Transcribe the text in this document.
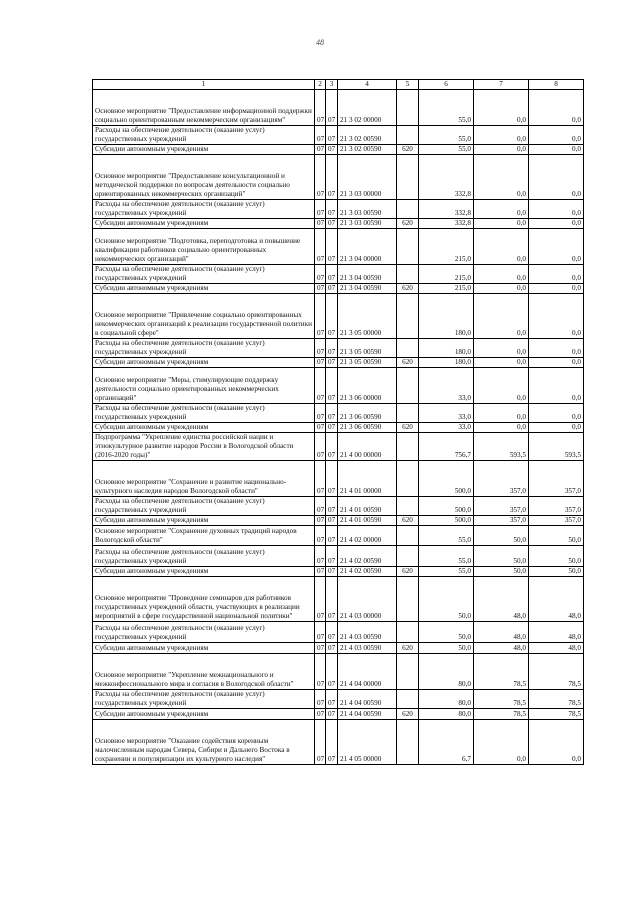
48
1	2	3	4	5	6	7	8
Основное мероприятие "Предоставление информационной поддержки социально ориентированным некоммерческим организациям"	07	07	21 3 02 00000		55,0	0,0	0,0
Расходы на обеспечение деятельности (оказание услуг) государственных учреждений	07	07	21 3 02 00590		55,0	0,0	0,0
Субсидии автономным учреждениям	07	07	21 3 02 00590	620	55,0	0,0	0,0
Основное мероприятие "Предоставление консультационной и методической поддержки по вопросам деятельности социально ориентированных некоммерческих организаций"	07	07	21 3 03 00000		332,8	0,0	0,0
Расходы на обеспечение деятельности (оказание услуг) государственных учреждений	07	07	21 3 03 00590		332,8	0,0	0,0
Субсидии автономным учреждениям	07	07	21 3 03 00590	620	332,8	0,0	0,0
Основное мероприятие "Подготовка, переподготовка и повышение квалификации работников социально ориентированных некоммерческих организаций"	07	07	21 3 04 00000		215,0	0,0	0,0
Расходы на обеспечение деятельности (оказание услуг) государственных учреждений	07	07	21 3 04 00590		215,0	0,0	0,0
Субсидии автономным учреждениям	07	07	21 3 04 00590	620	215,0	0,0	0,0
Основное мероприятие "Привлечение социально ориентированных некоммерческих организаций к реализации государственной политики в социальной сфере"	07	07	21 3 05 00000		180,0	0,0	0,0
Расходы на обеспечение деятельности (оказание услуг) государственных учреждений	07	07	21 3 05 00590		180,0	0,0	0,0
Субсидии автономным учреждениям	07	07	21 3 05 00590	620	180,0	0,0	0,0
Основное мероприятие "Меры, стимулирующие поддержку деятельности социально ориентированных некоммерческих организаций"	07	07	21 3 06 00000		33,0	0,0	0,0
Расходы на обеспечение деятельности (оказание услуг) государственных учреждений	07	07	21 3 06 00590		33,0	0,0	0,0
Субсидии автономным учреждениям	07	07	21 3 06 00590	620	33,0	0,0	0,0
Подпрограмма "Укрепление единства российской нации и этнокультурное развитие народов России в Вологодской области (2016-2020 годы)"	07	07	21 4 00 00000		756,7	593,5	593,5
Основное мероприятие "Сохранение и развитие национально-культурного наследия народов Вологодской области"	07	07	21 4 01 00000		500,0	357,0	357,0
Расходы на обеспечение деятельности (оказание услуг) государственных учреждений	07	07	21 4 01 00590		500,0	357,0	357,0
Субсидии автономным учреждениям	07	07	21 4 01 00590	620	500,0	357,0	357,0
Основное мероприятие "Сохранение духовных традиций народов Вологодской области"	07	07	21 4 02 00000		55,0	50,0	50,0
Расходы на обеспечение деятельности (оказание услуг) государственных учреждений	07	07	21 4 02 00590		55,0	50,0	50,0
Субсидии автономным учреждениям	07	07	21 4 02 00590	620	55,0	50,0	50,0
Основное мероприятие "Проведение семинаров для работников государственных учреждений области, участвующих в реализации мероприятий в сфере государственной национальной политики"	07	07	21 4 03 00000		50,0	48,0	48,0
Расходы на обеспечение деятельности (оказание услуг) государственных учреждений	07	07	21 4 03 00590		50,0	48,0	48,0
Субсидии автономным учреждениям	07	07	21 4 03 00590	620	50,0	48,0	48,0
Основное мероприятие "Укрепление межнационального и межконфессионального мира и согласия в Вологодской области"	07	07	21 4 04 00000		80,0	78,5	78,5
Расходы на обеспечение деятельности (оказание услуг) государственных учреждений	07	07	21 4 04 00590		80,0	78,5	78,5
Субсидии автономным учреждениям	07	07	21 4 04 00590	620	80,0	78,5	78,5
Основное мероприятие "Оказание содействия коренным малочисленным народам Севера, Сибири и Дальнего Востока в сохранении и популяризации их культурного наследия"	07	07	21 4 05 00000		6,7	0,0	0,0
